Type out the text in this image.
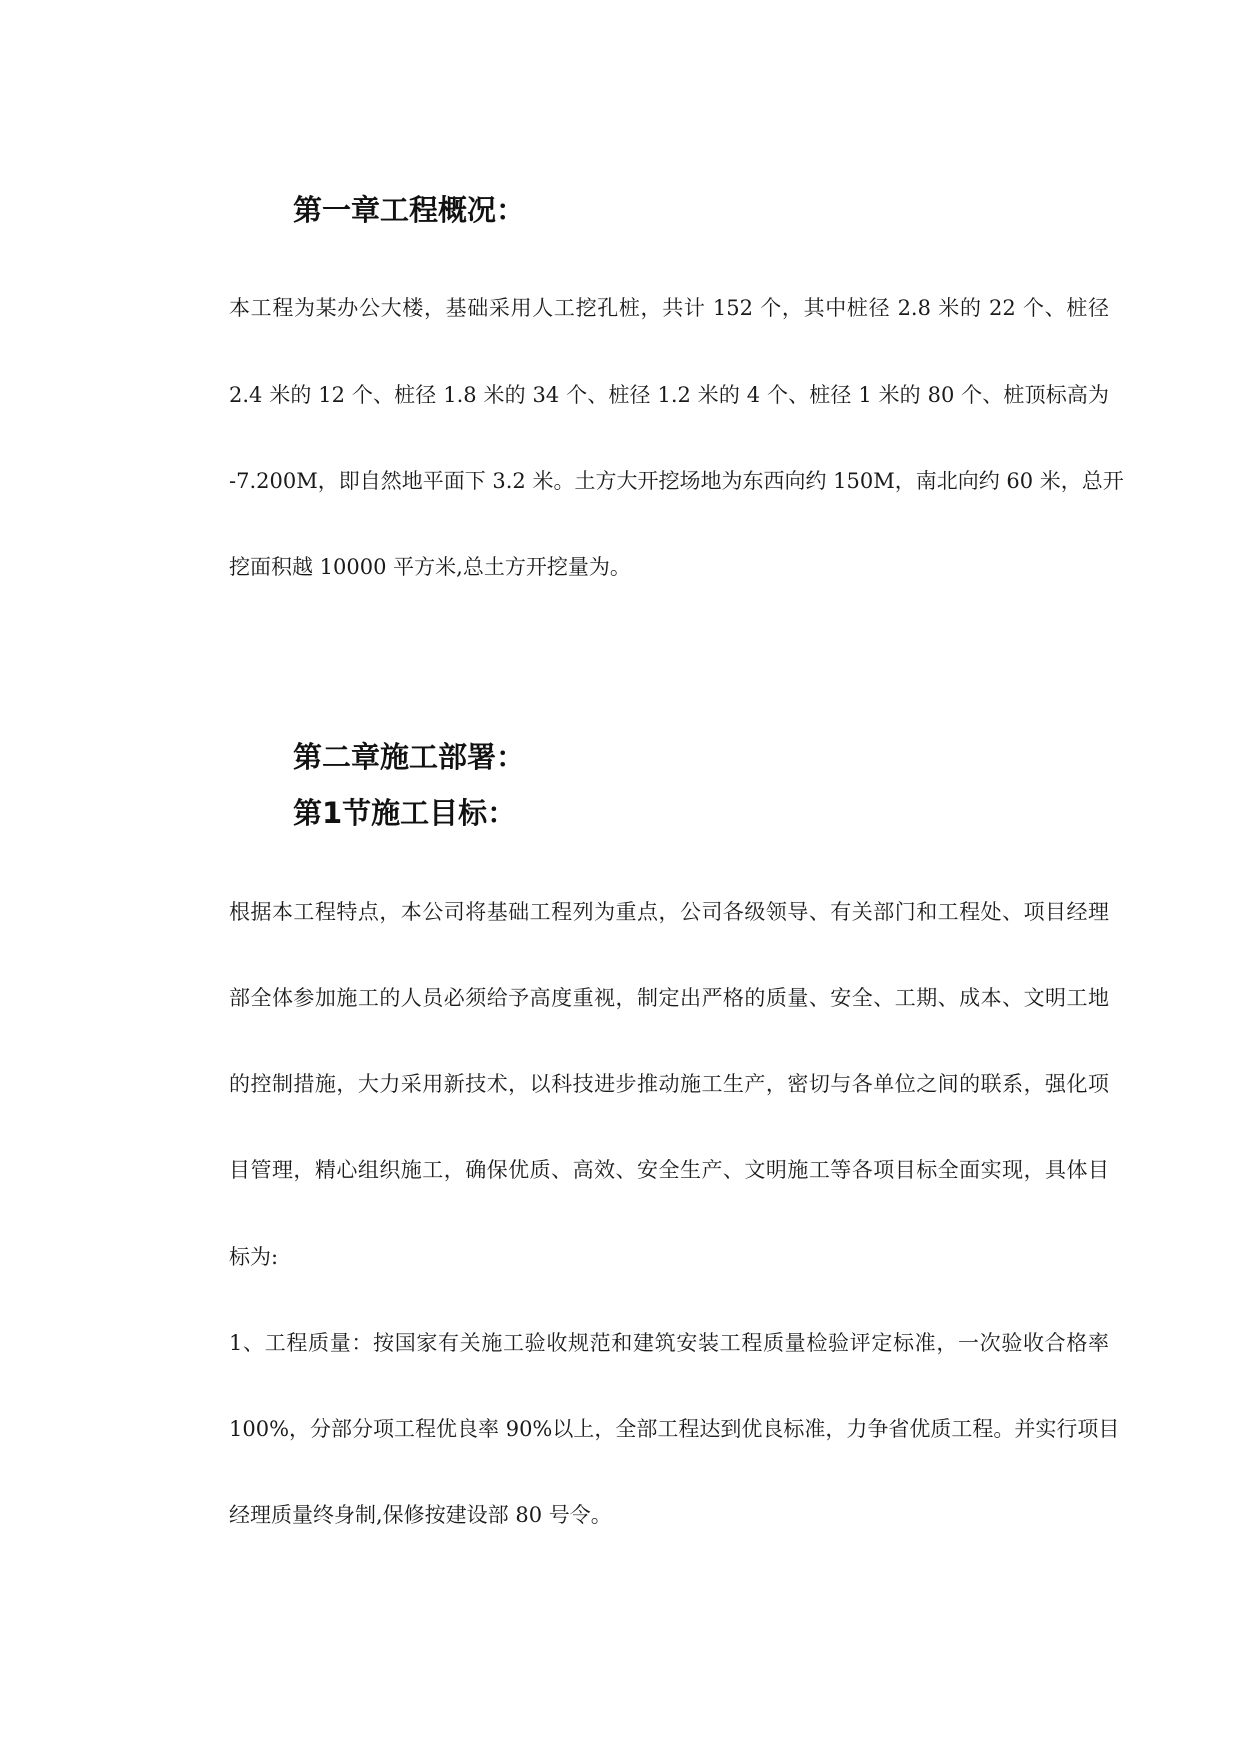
第一章工程概况：

本工程为某办公大楼，基础采用人工挖孔桩，共计 152 个，其中桩径 2.8 米的 22 个、桩径

2.4 米的 12 个、桩径 1.8 米的 34 个、桩径 1.2 米的 4 个、桩径 1 米的 80 个、桩顶标高为

-7.200M，即自然地平面下 3.2 米。土方大开挖场地为东西向约 150M，南北向约 60 米，总开

挖面积越 10000 平方米,总土方开挖量为。

第二章施工部署：
第1节施工目标：

根据本工程特点，本公司将基础工程列为重点，公司各级领导、有关部门和工程处、项目经理

部全体参加施工的人员必须给予高度重视，制定出严格的质量、安全、工期、成本、文明工地

的控制措施，大力采用新技术，以科技进步推动施工生产，密切与各单位之间的联系，强化项

目管理，精心组织施工，确保优质、高效、安全生产、文明施工等各项目标全面实现，具体目

标为:

1、工程质量：按国家有关施工验收规范和建筑安装工程质量检验评定标准，一次验收合格率

100%，分部分项工程优良率 90%以上，全部工程达到优良标准，力争省优质工程。并实行项目

经理质量终身制,保修按建设部 80 号令。
